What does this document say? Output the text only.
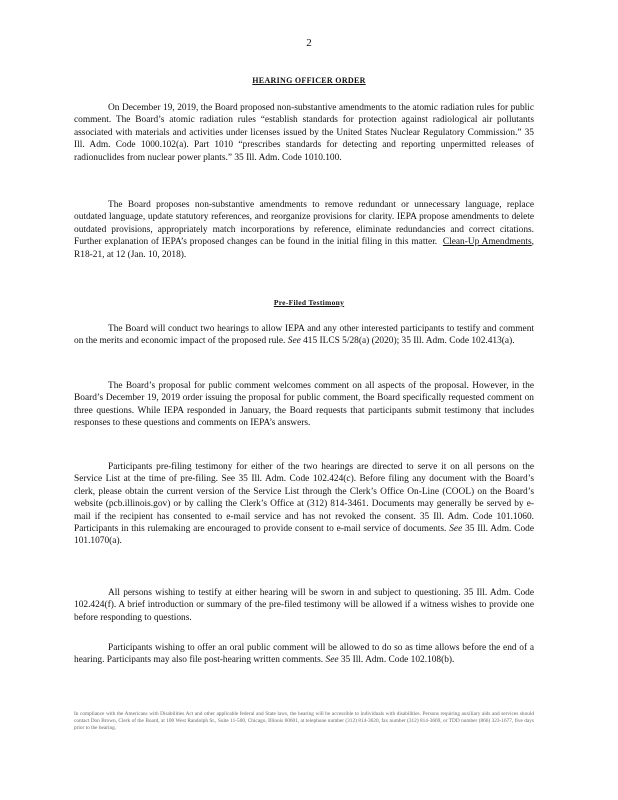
2
HEARING OFFICER ORDER

On December 19, 2019, the Board proposed non-substantive amendments to the atomic radiation rules for public comment. The Board’s atomic radiation rules “establish standards for protection against radiological air pollutants associated with materials and activities under licenses issued by the United States Nuclear Regulatory Commission.” 35 Ill. Adm. Code 1000.102(a). Part 1010 “prescribes standards for detecting and reporting unpermitted releases of radionuclides from nuclear power plants.” 35 Ill. Adm. Code 1010.100.

The Board proposes non-substantive amendments to remove redundant or unnecessary language, replace outdated language, update statutory references, and reorganize provisions for clarity. IEPA propose amendments to delete outdated provisions, appropriately match incorporations by reference, eliminate redundancies and correct citations. Further explanation of IEPA’s proposed changes can be found in the initial filing in this matter. Clean-Up Amendments, R18-21, at 12 (Jan. 10, 2018).

Pre-Filed Testimony

The Board will conduct two hearings to allow IEPA and any other interested participants to testify and comment on the merits and economic impact of the proposed rule. See 415 ILCS 5/28(a) (2020); 35 Ill. Adm. Code 102.413(a).

The Board’s proposal for public comment welcomes comment on all aspects of the proposal. However, in the Board’s December 19, 2019 order issuing the proposal for public comment, the Board specifically requested comment on three questions. While IEPA responded in January, the Board requests that participants submit testimony that includes responses to these questions and comments on IEPA’s answers.

Participants pre-filing testimony for either of the two hearings are directed to serve it on all persons on the Service List at the time of pre-filing. See 35 Ill. Adm. Code 102.424(c). Before filing any document with the Board’s clerk, please obtain the current version of the Service List through the Clerk’s Office On-Line (COOL) on the Board’s website (pcb.illinois.gov) or by calling the Clerk’s Office at (312) 814-3461. Documents may generally be served by e-mail if the recipient has consented to e-mail service and has not revoked the consent. 35 Ill. Adm. Code 101.1060. Participants in this rulemaking are encouraged to provide consent to e-mail service of documents. See 35 Ill. Adm. Code 101.1070(a).

All persons wishing to testify at either hearing will be sworn in and subject to questioning. 35 Ill. Adm. Code 102.424(f). A brief introduction or summary of the pre-filed testimony will be allowed if a witness wishes to provide one before responding to questions.

Participants wishing to offer an oral public comment will be allowed to do so as time allows before the end of a hearing. Participants may also file post-hearing written comments. See 35 Ill. Adm. Code 102.108(b).

In compliance with the Americans with Disabilities Act and other applicable federal and State laws, the hearing will be accessible to individuals with disabilities. Persons requiring auxiliary aids and services should contact Don Brown, Clerk of the Board, at 100 West Randolph St., Suite 11-500, Chicago, Illinois 60601, at telephone number (312) 814-3620, fax number (312) 814-3669, or TDD number (866) 323-1677, five days prior to the hearing.
